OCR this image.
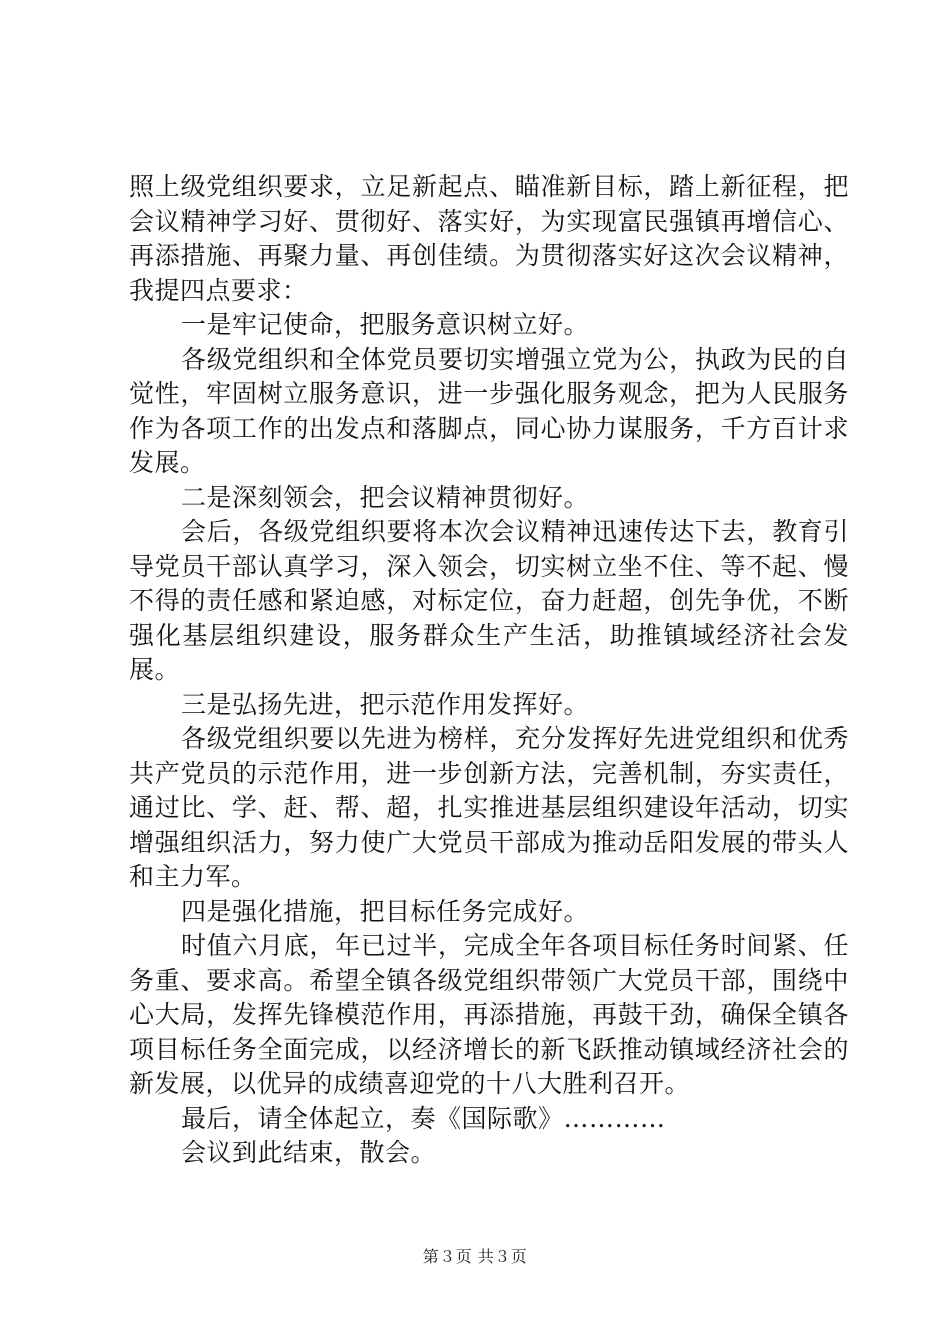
照上级党组织要求，立足新起点、瞄准新目标，踏上新征程，把会议精神学习好、贯彻好、落实好，为实现富民强镇再增信心、再添措施、再聚力量、再创佳绩。为贯彻落实好这次会议精神，我提四点要求：

一是牢记使命，把服务意识树立好。

各级党组织和全体党员要切实增强立党为公，执政为民的自觉性，牢固树立服务意识，进一步强化服务观念，把为人民服务作为各项工作的出发点和落脚点，同心协力谋服务，千方百计求发展。

二是深刻领会，把会议精神贯彻好。

会后，各级党组织要将本次会议精神迅速传达下去，教育引导党员干部认真学习，深入领会，切实树立坐不住、等不起、慢不得的责任感和紧迫感，对标定位，奋力赶超，创先争优，不断强化基层组织建设，服务群众生产生活，助推镇域经济社会发展。

三是弘扬先进，把示范作用发挥好。

各级党组织要以先进为榜样，充分发挥好先进党组织和优秀共产党员的示范作用，进一步创新方法，完善机制，夯实责任，通过比、学、赶、帮、超，扎实推进基层组织建设年活动，切实增强组织活力，努力使广大党员干部成为推动岳阳发展的带头人和主力军。

四是强化措施，把目标任务完成好。

时值六月底，年已过半，完成全年各项目标任务时间紧、任务重、要求高。希望全镇各级党组织带领广大党员干部，围绕中心大局，发挥先锋模范作用，再添措施，再鼓干劲，确保全镇各项目标任务全面完成，以经济增长的新飞跃推动镇域经济社会的新发展，以优异的成绩喜迎党的十八大胜利召开。

最后，请全体起立，奏《国际歌》…………

会议到此结束，散会。

第３页 共３页
